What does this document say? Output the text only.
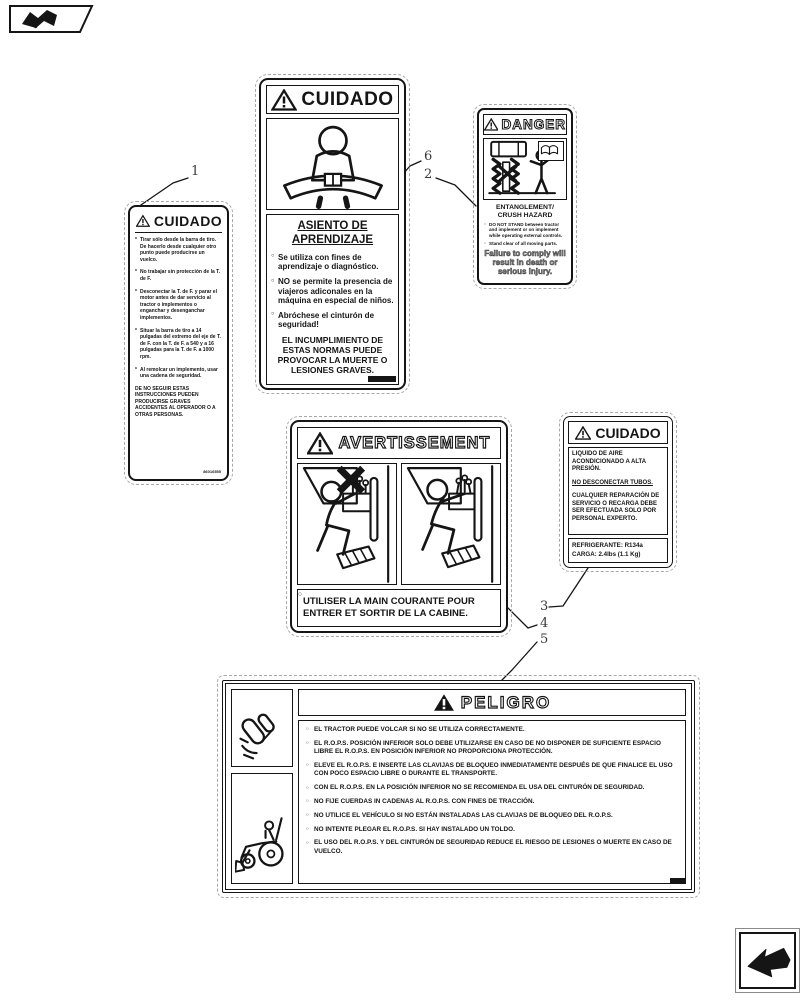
1
6
2
3
4
5
CUIDADO
* Tirar sólo desde la barra de tiro. De hacerlo desde cualquier otro punto puede producirse un vuelco.
* No trabajar sin protección de la T. de F.
* Desconectar la T. de F. y parar el motor antes de dar servicio al tractor o implementos o enganchar y desenganchar implementos.
* Situar la barra de tiro a 14 pulgadas del extremo del eje de T. de F. con la T. de F. a 540 y a 16 pulgadas para la T. de F. a 1000 rpm.
* Al remolcar un implemento, usar una cadena de seguridad.
DE NO SEGUIR ESTAS INSTRUCCIONES PUEDEN PRODUCIRSE GRAVES ACCIDENTES AL OPERADOR O A OTRAS PERSONAS.
86016555
CUIDADO
ASIENTO DE APRENDIZAJE
○ Se utiliza con fines de aprendizaje o diagnóstico.
○ NO se permite la presencia de viajeros adiconales en la máquina en especial de niños.
○ Abróchese el cinturón de seguridad!
EL INCUMPLIMIENTO DE ESTAS NORMAS PUEDE PROVOCAR LA MUERTE O LESIONES GRAVES.
DANGER
ENTANGLEMENT/ CRUSH HAZARD
○ DO NOT STAND between tractor and implement or on implement while operating external controls.
○ Stand clear of all moving parts.
Failure to comply will result in death or serious injury.
AVERTISSEMENT
○ UTILISER LA MAIN COURANTE POUR ENTRER ET SORTIR DE LA CABINE.
CUIDADO

LIQUIDO DE AIRE ACONDICIONADO A ALTA PRESIÓN.

NO DESCONECTAR TUBOS.

CUALQUIER REPARACIÓN DE SERVICIO O RECARGA DEBE SER EFECTUADA SOLO POR PERSONAL EXPERTO.

REFRIGERANTE: R134a
CARGA: 2.4lbs (1.1 Kg)
PELIGRO
○ EL TRACTOR PUEDE VOLCAR SI NO SE UTILIZA CORRECTAMENTE.
○ EL R.O.P.S. POSICIÓN INFERIOR SOLO DEBE UTILIZARSE EN CASO DE NO DISPONER DE SUFICIENTE ESPACIO LIBRE EL R.O.P.S. EN POSICIÓN INFERIOR NO PROPORCIONA PROTECCIÓN.
○ ELEVE EL R.O.P.S. E INSERTE LAS CLAVIJAS DE BLOQUEO INMEDIATAMENTE DESPUÉS DE QUE FINALICE EL USO CON POCO ESPACIO LIBRE O DURANTE EL TRANSPORTE.
○ CON EL R.O.P.S. EN LA POSICIÓN INFERIOR NO SE RECOMIENDA EL USA DEL CINTURÓN DE SEGURIDAD.
○ NO FIJE CUERDAS IN CADENAS AL R.O.P.S. CON FINES DE TRACCIÓN.
○ NO UTILICE EL VEHÍCULO SI NO ESTÁN INSTALADAS LAS CLAVIJAS DE BLOQUEO DEL R.O.P.S.
○ NO INTENTE PLEGAR EL R.O.P.S. SI HAY INSTALADO UN TOLDO.
○ EL USO DEL R.O.P.S. Y DEL CINTURÓN DE SEGURIDAD REDUCE EL RIESGO DE LESIONES O MUERTE EN CASO DE VUELCO.
